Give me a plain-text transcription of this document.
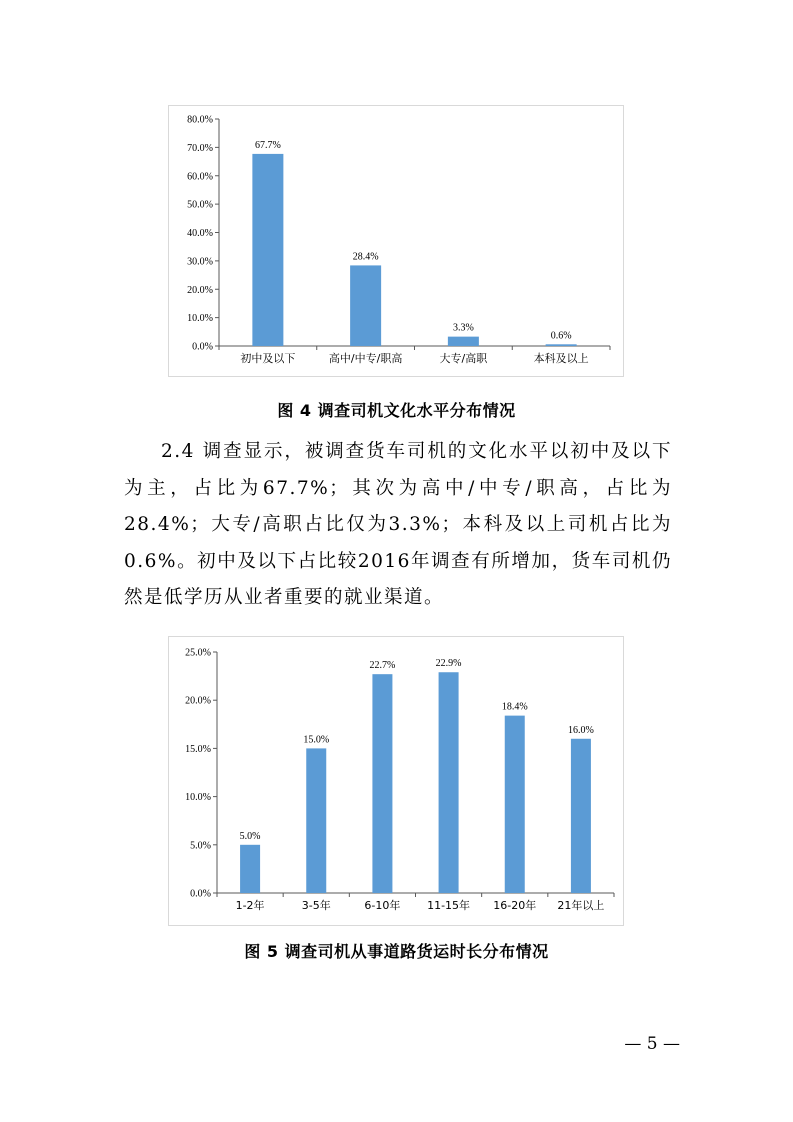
0.0%
10.0%
20.0%
30.0%
40.0%
50.0%
60.0%
70.0%
80.0%
67.7%
初中及以下
28.4%
高中/中专/职高
3.3%
大专/高职
0.6%
本科及以上
图 4 调查司机文化水平分布情况

2.4 调查显示，被调查货车司机的文化水平以初中及以下为主，占比为67.7%；其次为高中/中专/职高，占比为28.4%；大专/高职占比仅为3.3%；本科及以上司机占比为0.6%。初中及以下占比较2016年调查有所增加，货车司机仍然是低学历从业者重要的就业渠道。

0.0%
5.0%
10.0%
15.0%
20.0%
25.0%
5.0%
1-2年
15.0%
3-5年
22.7%
6-10年
22.9%
11-15年
18.4%
16-20年
16.0%
21年以上
图 5 调查司机从事道路货运时长分布情况
— 5 —
